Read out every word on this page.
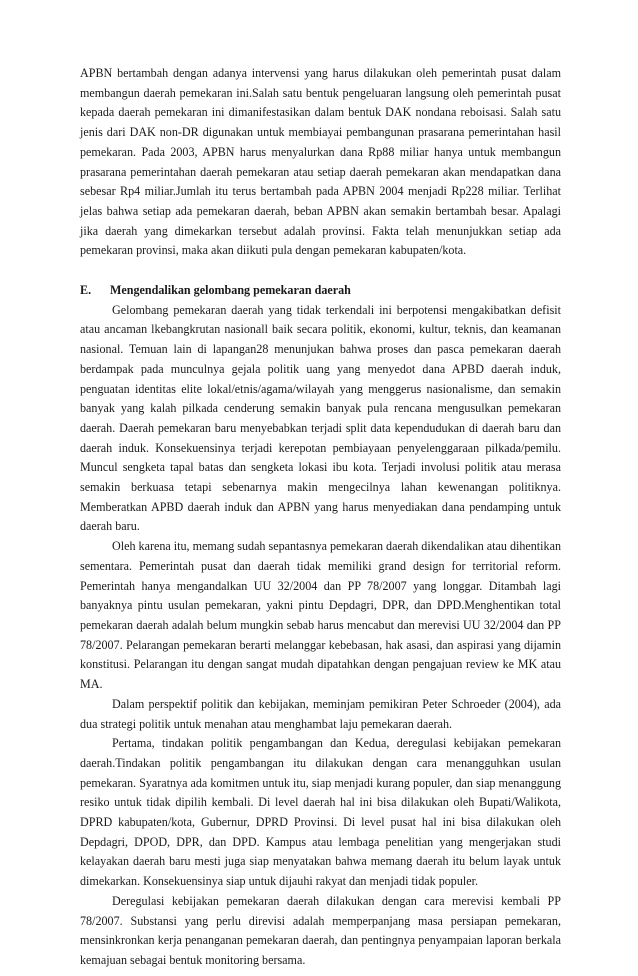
APBN bertambah dengan adanya intervensi yang harus dilakukan oleh pemerintah pusat dalam membangun daerah pemekaran ini.Salah satu bentuk pengeluaran langsung oleh pemerintah pusat kepada daerah pemekaran ini dimanifestasikan dalam bentuk DAK nondana reboisasi. Salah satu jenis dari DAK non-DR digunakan untuk membiayai pembangunan prasarana pemerintahan hasil pemekaran. Pada 2003, APBN harus menyalurkan dana Rp88 miliar hanya untuk membangun prasarana pemerintahan daerah pemekaran atau setiap daerah pemekaran akan mendapatkan dana sebesar Rp4 miliar.Jumlah itu terus bertambah pada APBN 2004 menjadi Rp228 miliar. Terlihat jelas bahwa setiap ada pemekaran daerah, beban APBN akan semakin bertambah besar. Apalagi jika daerah yang dimekarkan tersebut adalah provinsi. Fakta telah menunjukkan setiap ada pemekaran provinsi, maka akan diikuti pula dengan pemekaran kabupaten/kota.

E.	Mengendalikan gelombang pemekaran daerah

Gelombang pemekaran daerah yang tidak terkendali ini berpotensi mengakibatkan defisit atau ancaman lkebangkrutan nasionall baik secara politik, ekonomi, kultur, teknis, dan keamanan nasional. Temuan lain di lapangan28 menunjukan bahwa proses dan pasca pemekaran daerah berdampak pada munculnya gejala politik uang yang menyedot dana APBD daerah induk, penguatan identitas elite lokal/etnis/agama/wilayah yang menggerus nasionalisme, dan semakin banyak yang kalah pilkada cenderung semakin banyak pula rencana mengusulkan pemekaran daerah. Daerah pemekaran baru menyebabkan terjadi split data kependudukan di daerah baru dan daerah induk. Konsekuensinya terjadi kerepotan pembiayaan penyelenggaraan pilkada/pemilu. Muncul sengketa tapal batas dan sengketa lokasi ibu kota. Terjadi involusi politik atau merasa semakin berkuasa tetapi sebenarnya makin mengecilnya lahan kewenangan politiknya. Memberatkan APBD daerah induk dan APBN yang harus menyediakan dana pendamping untuk daerah baru.

Oleh karena itu, memang sudah sepantasnya pemekaran daerah dikendalikan atau dihentikan sementara. Pemerintah pusat dan daerah tidak memiliki grand design for territorial reform. Pemerintah hanya mengandalkan UU 32/2004 dan PP 78/2007 yang longgar. Ditambah lagi banyaknya pintu usulan pemekaran, yakni pintu Depdagri, DPR, dan DPD.Menghentikan total pemekaran daerah adalah belum mungkin sebab harus mencabut dan merevisi UU 32/2004 dan PP 78/2007. Pelarangan pemekaran berarti melanggar kebebasan, hak asasi, dan aspirasi yang dijamin konstitusi. Pelarangan itu dengan sangat mudah dipatahkan dengan pengajuan review ke MK atau MA.

Dalam perspektif politik dan kebijakan, meminjam pemikiran Peter Schroeder (2004), ada dua strategi politik untuk menahan atau menghambat laju pemekaran daerah.

Pertama, tindakan politik pengambangan dan Kedua, deregulasi kebijakan pemekaran daerah.Tindakan politik pengambangan itu dilakukan dengan cara menangguhkan usulan pemekaran. Syaratnya ada komitmen untuk itu, siap menjadi kurang populer, dan siap menanggung resiko untuk tidak dipilih kembali. Di level daerah hal ini bisa dilakukan oleh Bupati/Walikota, DPRD kabupaten/kota, Gubernur, DPRD Provinsi. Di level pusat hal ini bisa dilakukan oleh Depdagri, DPOD, DPR, dan DPD. Kampus atau lembaga penelitian yang mengerjakan studi kelayakan daerah baru mesti juga siap menyatakan bahwa memang daerah itu belum layak untuk dimekarkan. Konsekuensinya siap untuk dijauhi rakyat dan menjadi tidak populer.

Deregulasi kebijakan pemekaran daerah dilakukan dengan cara merevisi kembali PP 78/2007. Substansi yang perlu direvisi adalah memperpanjang masa persiapan pemekaran, mensinkronkan kerja penanganan pemekaran daerah, dan pentingnya penyampaian laporan berkala kemajuan sebagai bentuk monitoring bersama.
